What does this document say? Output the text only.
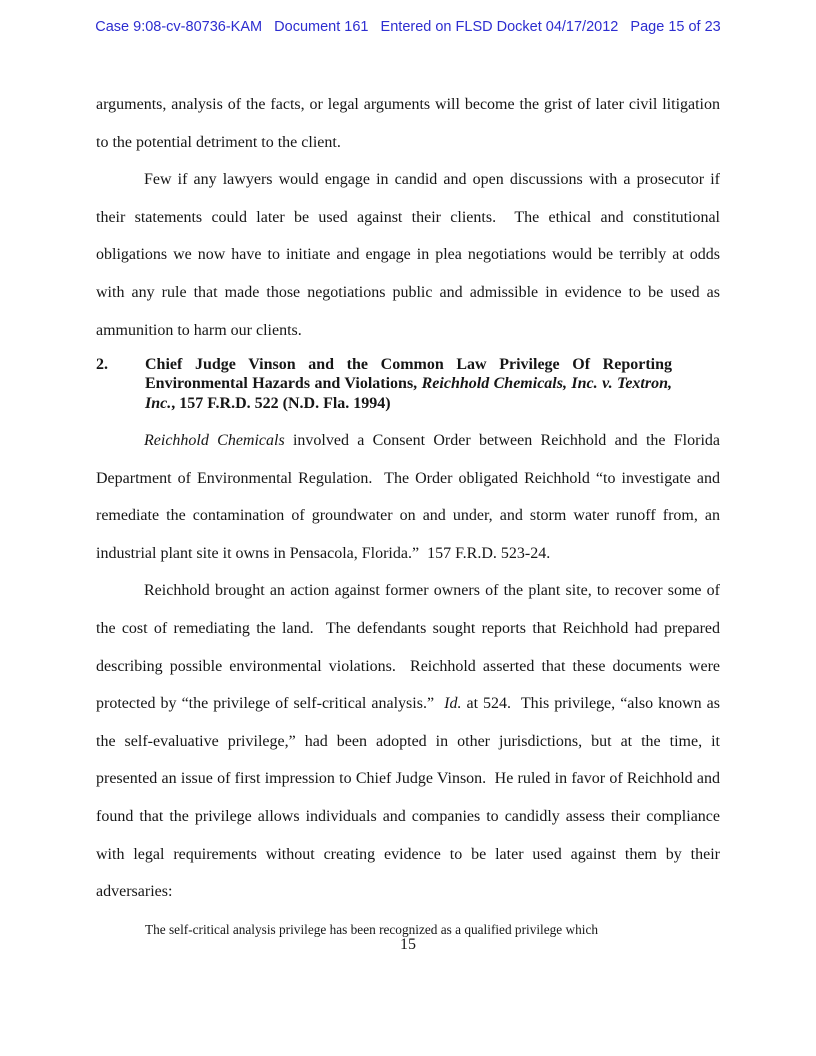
Case 9:08-cv-80736-KAM   Document 161   Entered on FLSD Docket 04/17/2012   Page 15 of 23

arguments, analysis of the facts, or legal arguments will become the grist of later civil litigation to the potential detriment to the client.

Few if any lawyers would engage in candid and open discussions with a prosecutor if their statements could later be used against their clients.  The ethical and constitutional obligations we now have to initiate and engage in plea negotiations would be terribly at odds with any rule that made those negotiations public and admissible in evidence to be used as ammunition to harm our clients.

2.	Chief Judge Vinson and the Common Law Privilege Of Reporting
Environmental Hazards and Violations, Reichhold Chemicals, Inc. v. Textron,
Inc., 157 F.R.D. 522 (N.D. Fla. 1994)

Reichhold Chemicals involved a Consent Order between Reichhold and the Florida Department of Environmental Regulation.  The Order obligated Reichhold “to investigate and remediate the contamination of groundwater on and under, and storm water runoff from, an industrial plant site it owns in Pensacola, Florida.”  157 F.R.D. 523-24.

Reichhold brought an action against former owners of the plant site, to recover some of the cost of remediating the land.  The defendants sought reports that Reichhold had prepared describing possible environmental violations.  Reichhold asserted that these documents were protected by “the privilege of self-critical analysis.”  Id. at 524.  This privilege, “also known as the self-evaluative privilege,” had been adopted in other jurisdictions, but at the time, it presented an issue of first impression to Chief Judge Vinson.  He ruled in favor of Reichhold and found that the privilege allows individuals and companies to candidly assess their compliance with legal requirements without creating evidence to be later used against them by their adversaries:

The self-critical analysis privilege has been recognized as a qualified privilege which
15
